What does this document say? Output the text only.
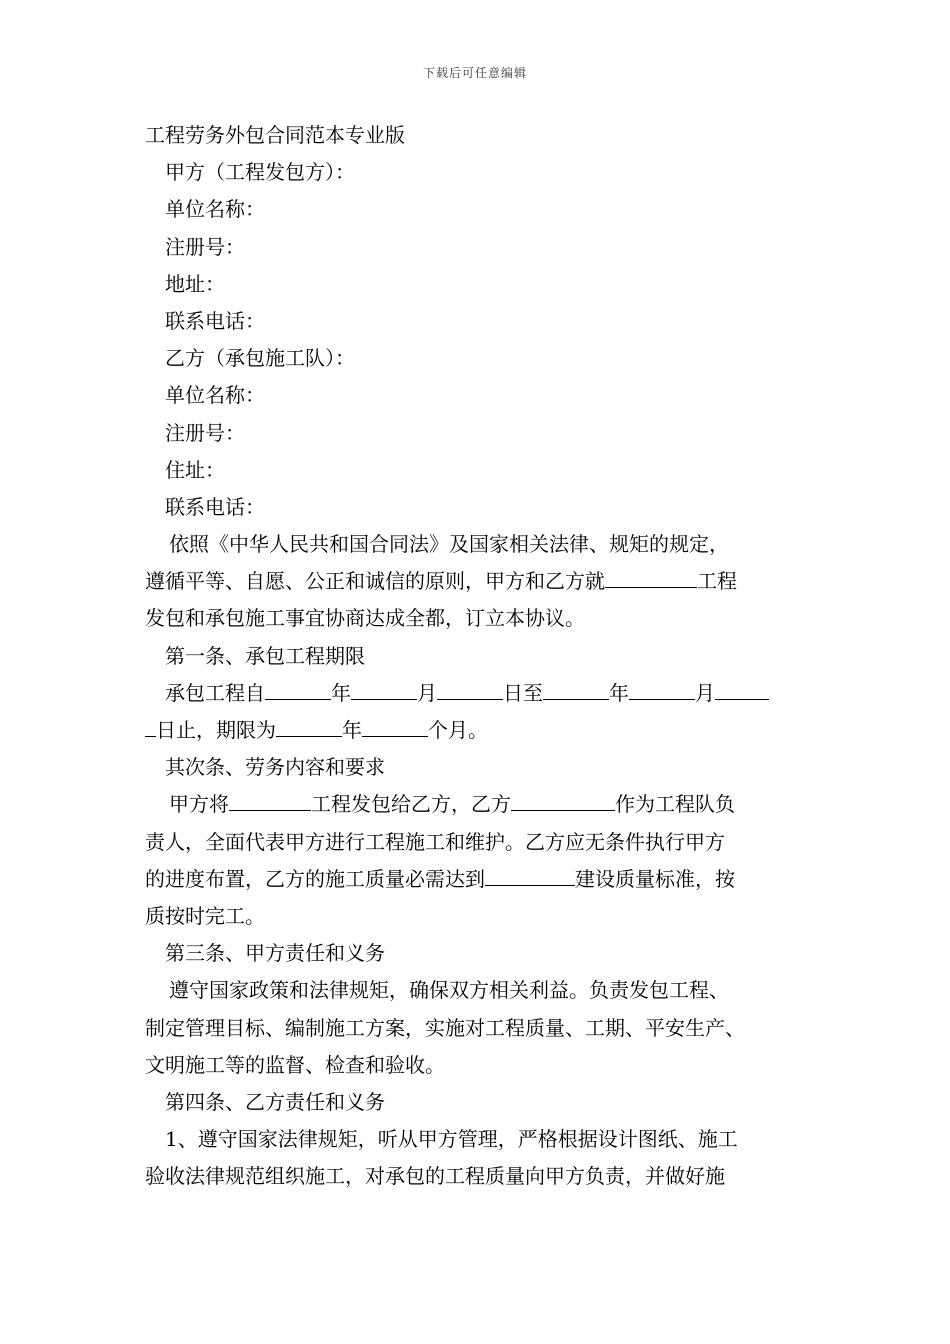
下载后可任意编辑
工程劳务外包合同范本专业版
甲方（工程发包方）：
单位名称：
注册号：
地址：
联系电话：
乙方（承包施工队）：
单位名称：
注册号：
住址：
联系电话：
依照《中华人民共和国合同法》及国家相关法律、规矩的规定，
遵循平等、自愿、公正和诚信的原则，甲方和乙方就	工程
发包和承包施工事宜协商达成全都，订立本协议。
第一条、承包工程期限
承包工程自	年	月	日至	年	月
日止，期限为	年	个月。
其次条、劳务内容和要求
甲方将	工程发包给乙方，乙方	作为工程队负
责人，全面代表甲方进行工程施工和维护。乙方应无条件执行甲方
的进度布置，乙方的施工质量必需达到	建设质量标准，按
质按时完工。
第三条、甲方责任和义务
遵守国家政策和法律规矩，确保双方相关利益。负责发包工程、
制定管理目标、编制施工方案，实施对工程质量、工期、平安生产、
文明施工等的监督、检查和验收。
第四条、乙方责任和义务
1、遵守国家法律规矩，听从甲方管理，严格根据设计图纸、施工
验收法律规范组织施工，对承包的工程质量向甲方负责，并做好施
